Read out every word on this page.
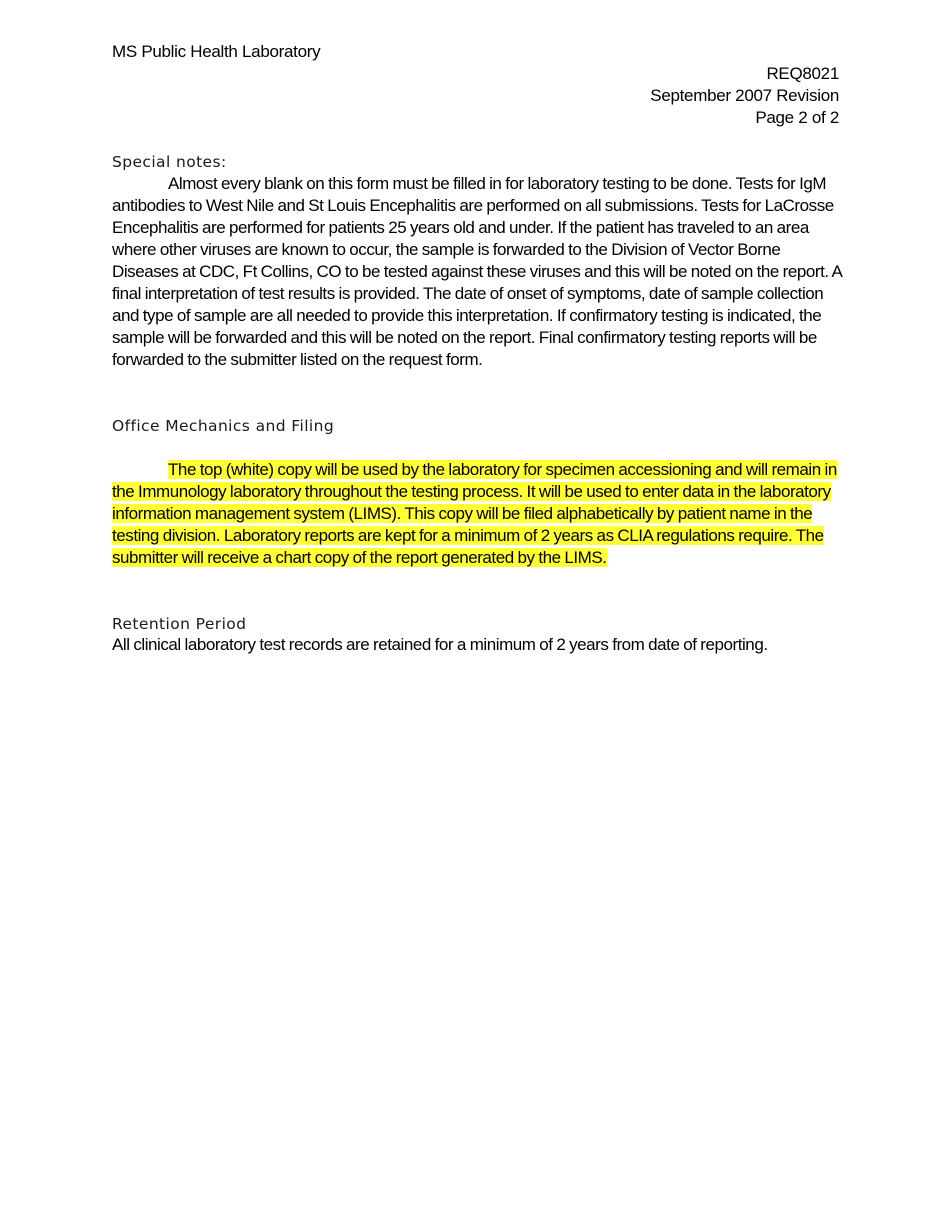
MS Public Health Laboratory
REQ8021
September 2007 Revision
Page 2 of 2
Special notes:
Almost every blank on this form must be filled in for laboratory testing to be done. Tests for IgM antibodies to West Nile and St Louis Encephalitis are performed on all submissions. Tests for LaCrosse Encephalitis are performed for patients 25 years old and under. If the patient has traveled to an area where other viruses are known to occur, the sample is forwarded to the Division of Vector Borne Diseases at CDC, Ft Collins, CO to be tested against these viruses and this will be noted on the report. A final interpretation of test results is provided. The date of onset of symptoms, date of sample collection and type of sample are all needed to provide this interpretation. If confirmatory testing is indicated, the sample will be forwarded and this will be noted on the report. Final confirmatory testing reports will be forwarded to the submitter listed on the request form.
Office Mechanics and Filing
The top (white) copy will be used by the laboratory for specimen accessioning and will remain in the Immunology laboratory throughout the testing process. It will be used to enter data in the laboratory information management system (LIMS). This copy will be filed alphabetically by patient name in the testing division. Laboratory reports are kept for a minimum of 2 years as CLIA regulations require. The submitter will receive a chart copy of the report generated by the LIMS.
Retention Period
All clinical laboratory test records are retained for a minimum of 2 years from date of reporting.
